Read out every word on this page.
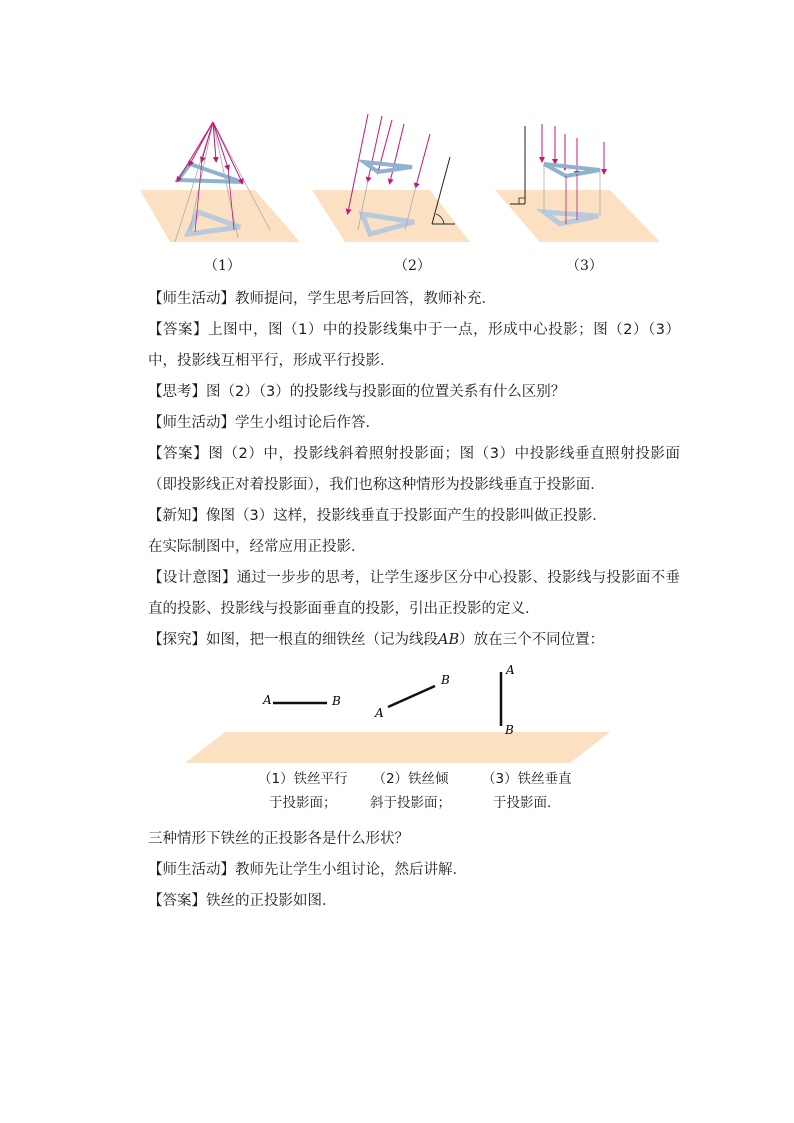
（1）	（2）	（3）

【师生活动】教师提问，学生思考后回答，教师补充．

【答案】上图中，图（1）中的投影线集中于一点，形成中心投影；图（2）（3）中，投影线互相平行，形成平行投影．

【思考】图（2）（3）的投影线与投影面的位置关系有什么区别？

【师生活动】学生小组讨论后作答．

【答案】图（2）中，投影线斜着照射投影面；图（3）中投影线垂直照射投影面（即投影线正对着投影面），我们也称这种情形为投影线垂直于投影面．

【新知】像图（3）这样，投影线垂直于投影面产生的投影叫做正投影．

在实际制图中，经常应用正投影．

【设计意图】通过一步步的思考，让学生逐步区分中心投影、投影线与投影面不垂直的投影、投影线与投影面垂直的投影，引出正投影的定义．

【探究】如图，把一根直的细铁丝（记为线段AB）放在三个不同位置：

A	B
B
A
A
B
（1）铁丝平行
于投影面；
（2）铁丝倾
斜于投影面；
（3）铁丝垂直
于投影面．

三种情形下铁丝的正投影各是什么形状？

【师生活动】教师先让学生小组讨论，然后讲解．

【答案】铁丝的正投影如图．
